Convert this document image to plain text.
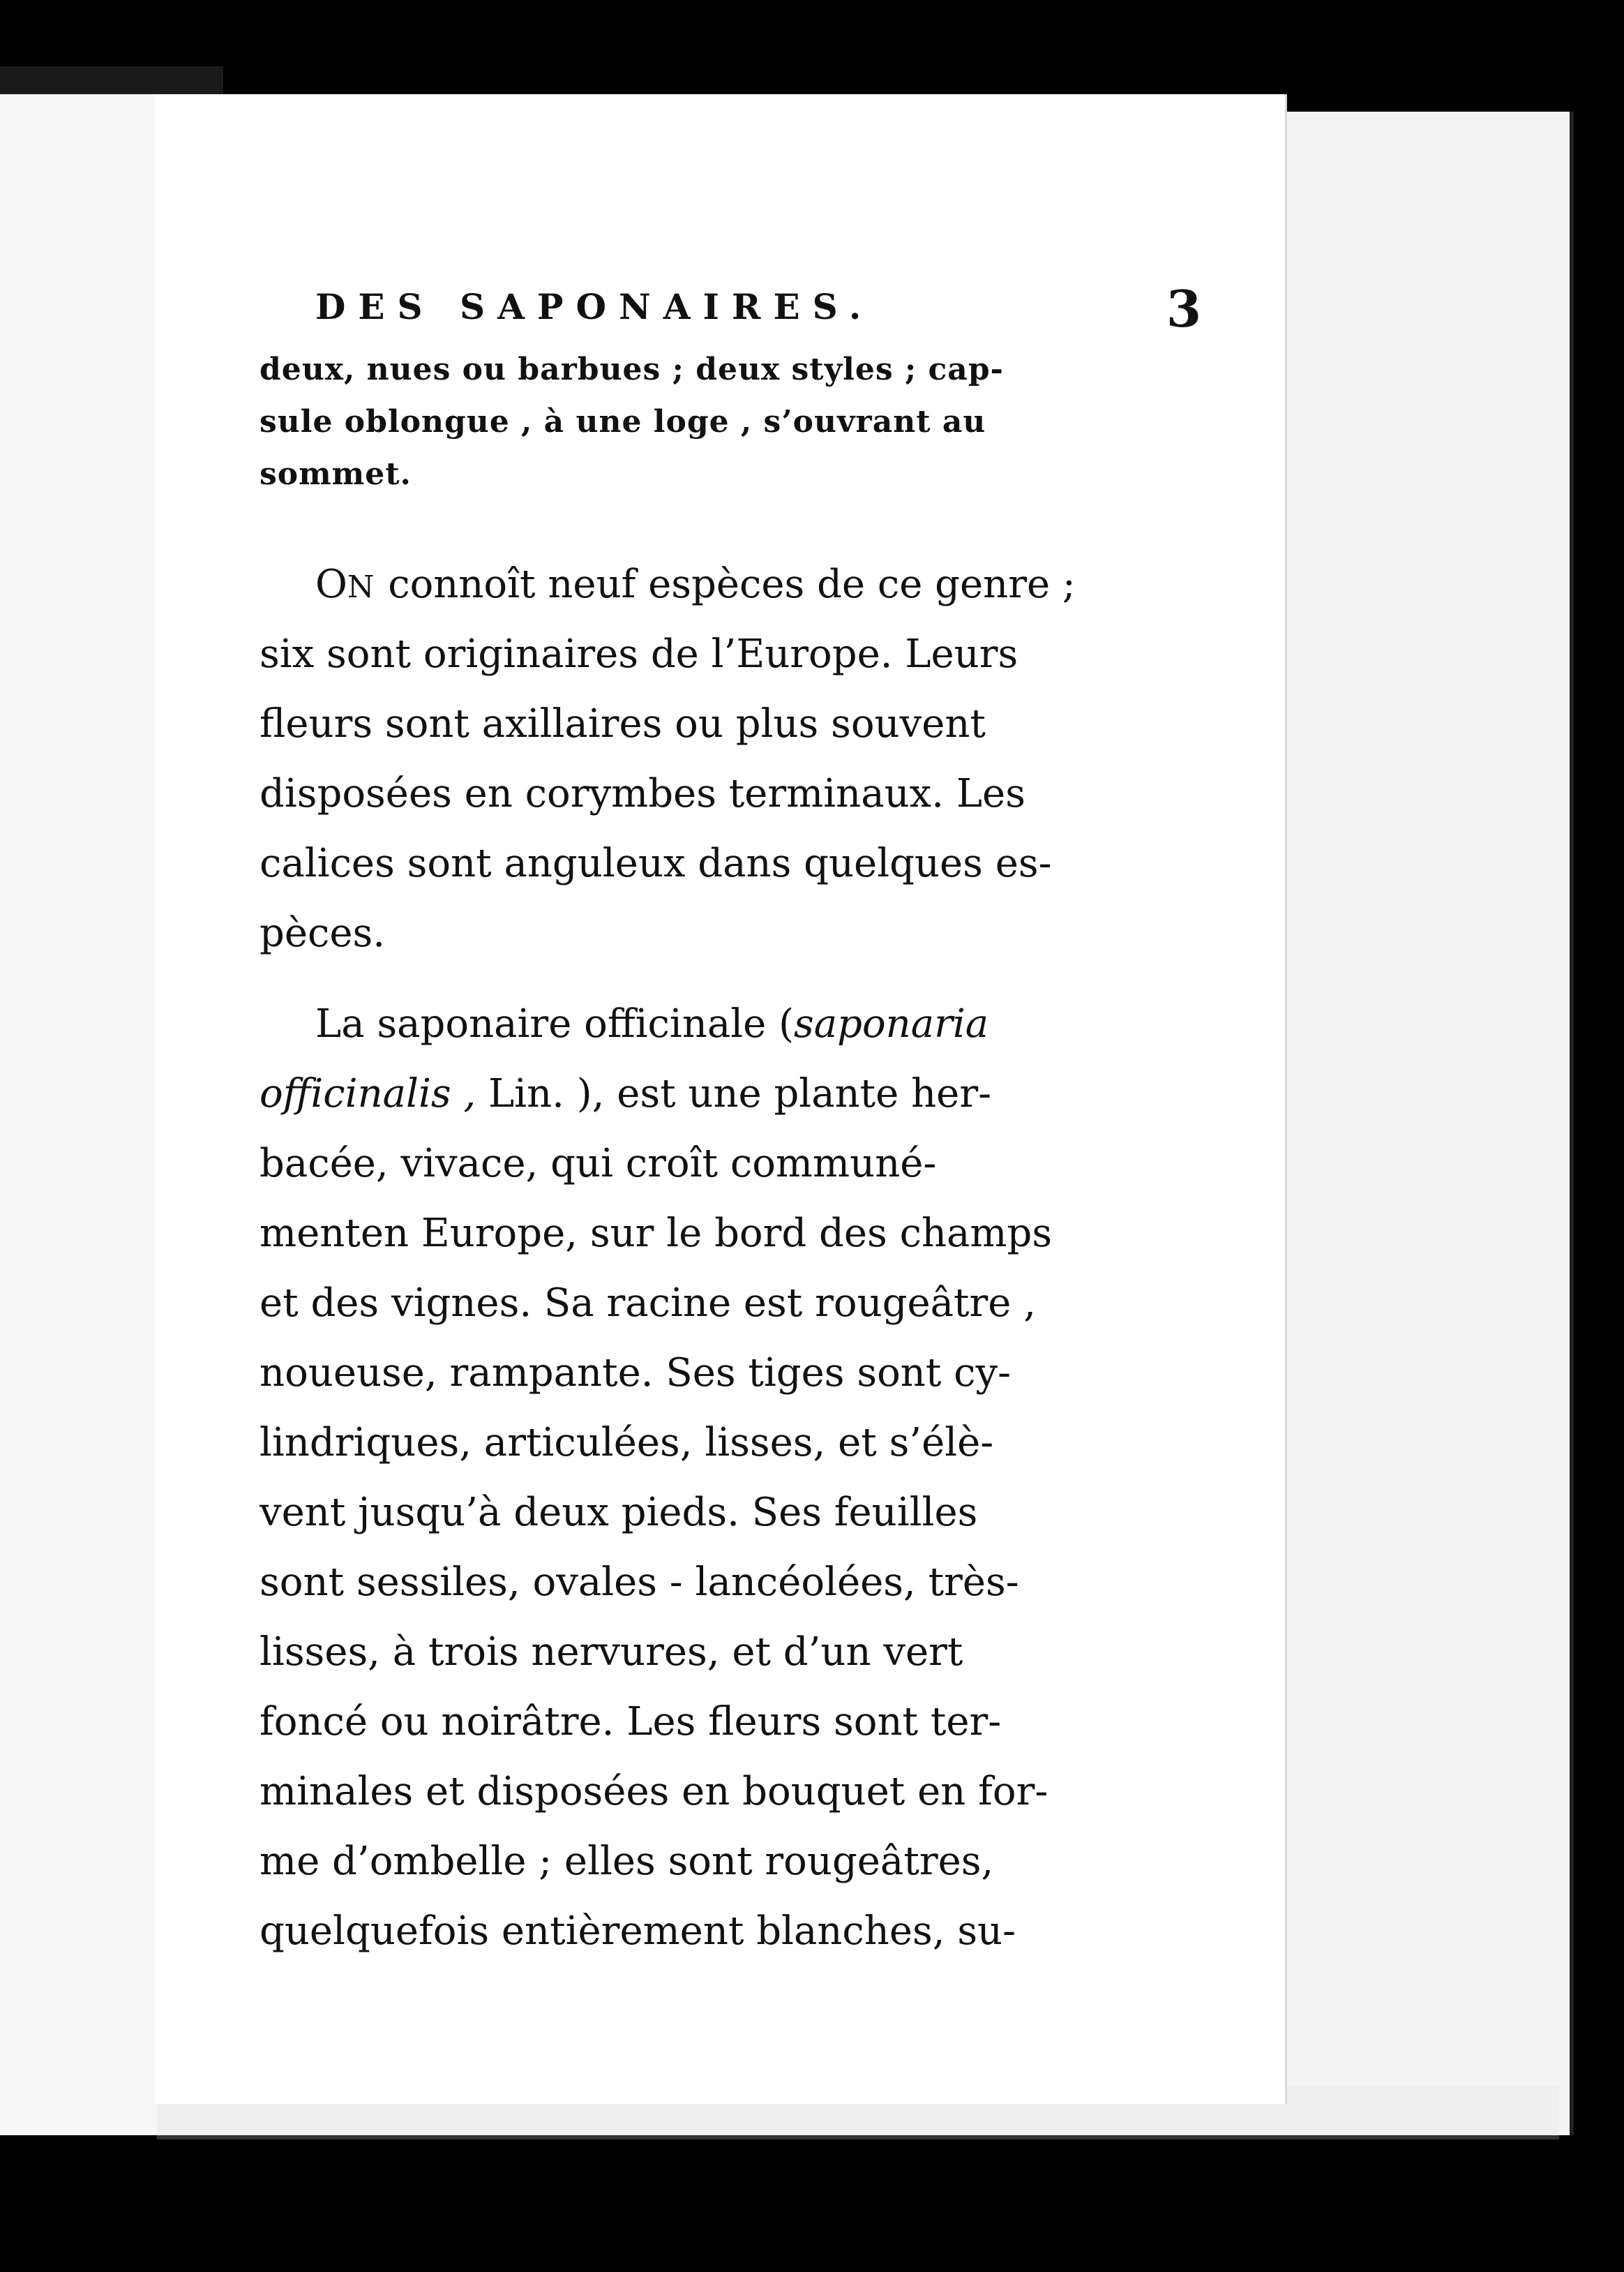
DES SAPONAIRES.	3
deux, nues ou barbues ; deux styles ; cap-
sule oblongue , à une loge , s’ouvrant au
sommet.
ON connoît neuf espèces de ce genre ;
six sont originaires de l’Europe. Leurs
fleurs sont axillaires ou plus souvent
disposées en corymbes terminaux. Les
calices sont anguleux dans quelques es-
pèces.
La saponaire officinale (saponaria
officinalis , Lin. ), est une plante her-
bacée, vivace, qui croît communé-
menten Europe, sur le bord des champs
et des vignes. Sa racine est rougeâtre ,
noueuse, rampante. Ses tiges sont cy-
lindriques, articulées, lisses, et s’élè-
vent jusqu’à deux pieds. Ses feuilles
sont sessiles, ovales - lancéolées, très-
lisses, à trois nervures, et d’un vert
foncé ou noirâtre. Les fleurs sont ter-
minales et disposées en bouquet en for-
me d’ombelle ; elles sont rougeâtres,
quelquefois entièrement blanches, su-
